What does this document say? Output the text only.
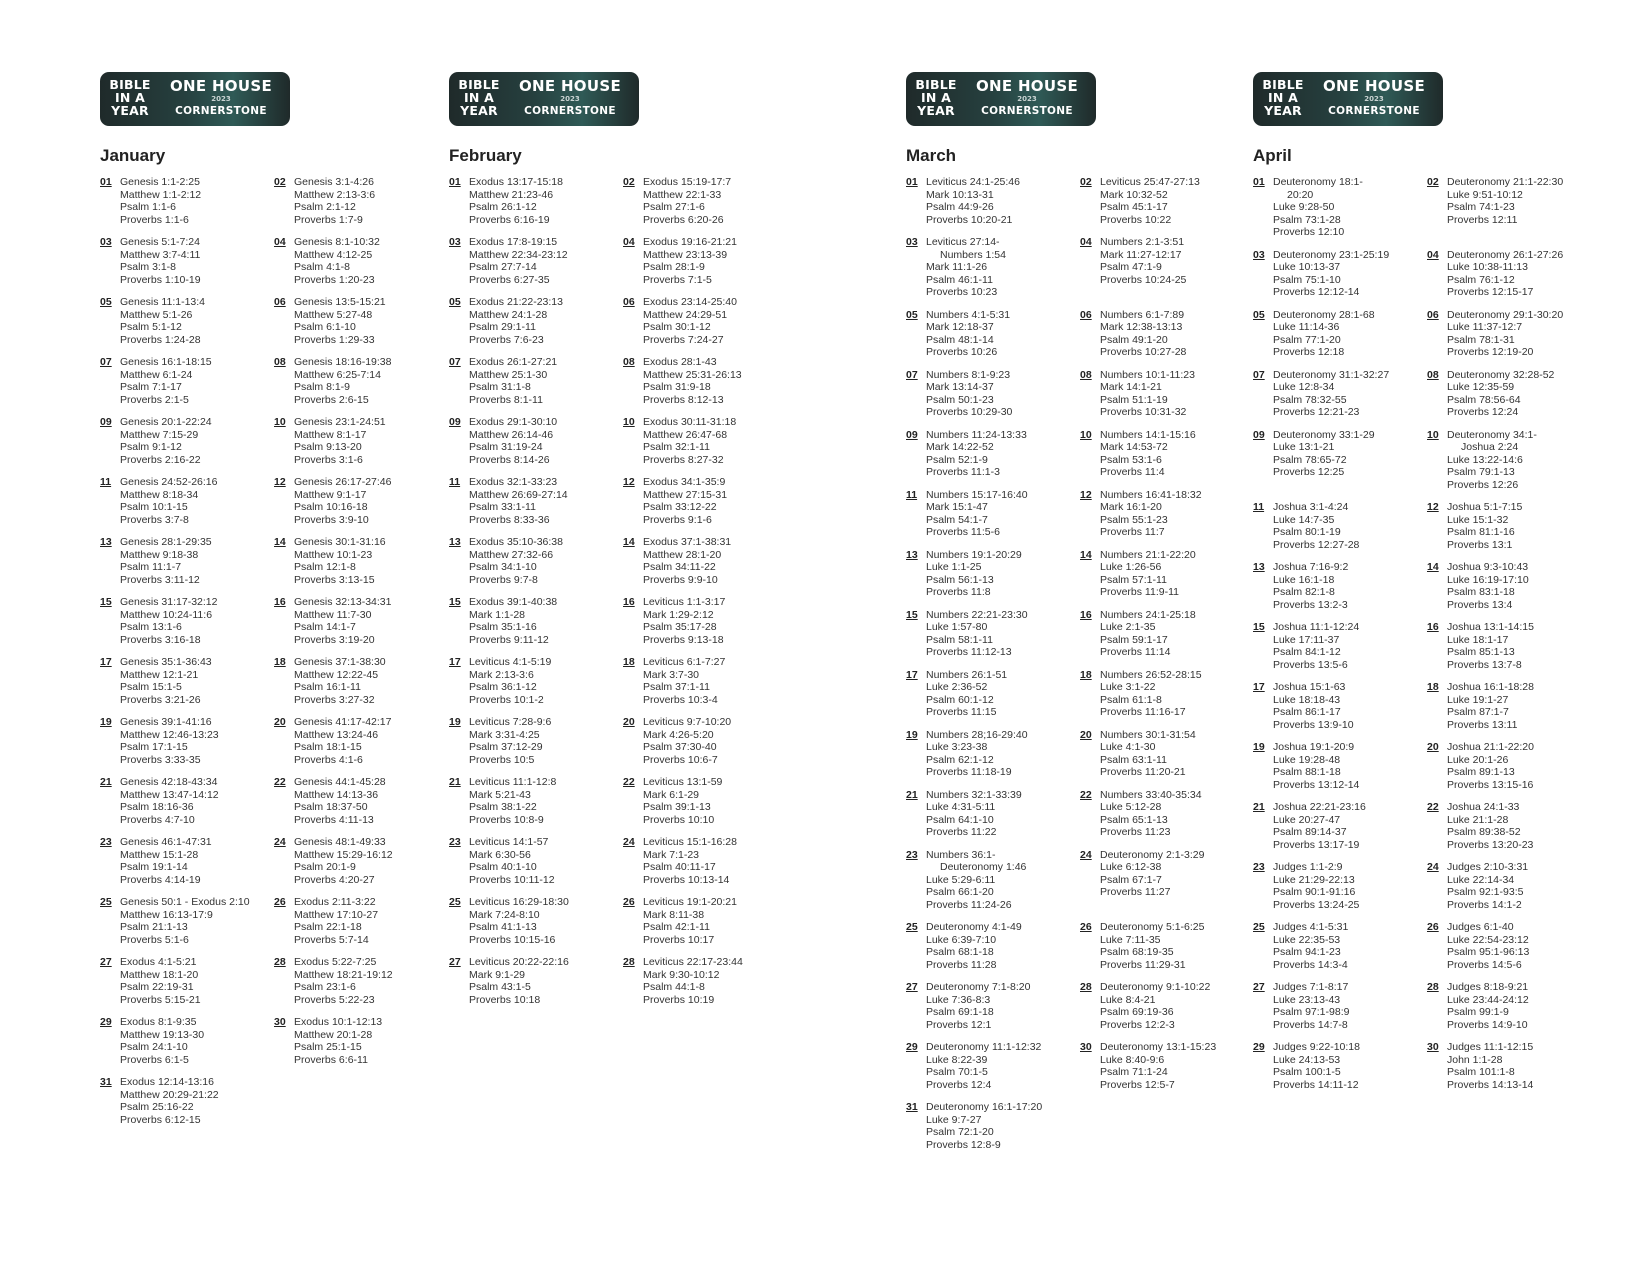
BIBLE
IN A
YEAR
ONE HOUSE
2023
CORNERSTONE
January
01 Genesis 1:1-2:25
Matthew 1:1-2:12
Psalm 1:1-6
Proverbs 1:1-6
02 Genesis 3:1-4:26
Matthew 2:13-3:6
Psalm 2:1-12
Proverbs 1:7-9
03 Genesis 5:1-7:24
Matthew 3:7-4:11
Psalm 3:1-8
Proverbs 1:10-19
04 Genesis 8:1-10:32
Matthew 4:12-25
Psalm 4:1-8
Proverbs 1:20-23
05 Genesis 11:1-13:4
Matthew 5:1-26
Psalm 5:1-12
Proverbs 1:24-28
06 Genesis 13:5-15:21
Matthew 5:27-48
Psalm 6:1-10
Proverbs 1:29-33
07 Genesis 16:1-18:15
Matthew 6:1-24
Psalm 7:1-17
Proverbs 2:1-5
08 Genesis 18:16-19:38
Matthew 6:25-7:14
Psalm 8:1-9
Proverbs 2:6-15
09 Genesis 20:1-22:24
Matthew 7:15-29
Psalm 9:1-12
Proverbs 2:16-22
10 Genesis 23:1-24:51
Matthew 8:1-17
Psalm 9:13-20
Proverbs 3:1-6
11 Genesis 24:52-26:16
Matthew 8:18-34
Psalm 10:1-15
Proverbs 3:7-8
12 Genesis 26:17-27:46
Matthew 9:1-17
Psalm 10:16-18
Proverbs 3:9-10
13 Genesis 28:1-29:35
Matthew 9:18-38
Psalm 11:1-7
Proverbs 3:11-12
14 Genesis 30:1-31:16
Matthew 10:1-23
Psalm 12:1-8
Proverbs 3:13-15
15 Genesis 31:17-32:12
Matthew 10:24-11:6
Psalm 13:1-6
Proverbs 3:16-18
16 Genesis 32:13-34:31
Matthew 11:7-30
Psalm 14:1-7
Proverbs 3:19-20
17 Genesis 35:1-36:43
Matthew 12:1-21
Psalm 15:1-5
Proverbs 3:21-26
18 Genesis 37:1-38:30
Matthew 12:22-45
Psalm 16:1-11
Proverbs 3:27-32
19 Genesis 39:1-41:16
Matthew 12:46-13:23
Psalm 17:1-15
Proverbs 3:33-35
20 Genesis 41:17-42:17
Matthew 13:24-46
Psalm 18:1-15
Proverbs 4:1-6
21 Genesis 42:18-43:34
Matthew 13:47-14:12
Psalm 18:16-36
Proverbs 4:7-10
22 Genesis 44:1-45:28
Matthew 14:13-36
Psalm 18:37-50
Proverbs 4:11-13
23 Genesis 46:1-47:31
Matthew 15:1-28
Psalm 19:1-14
Proverbs 4:14-19
24 Genesis 48:1-49:33
Matthew 15:29-16:12
Psalm 20:1-9
Proverbs 4:20-27
25 Genesis 50:1 - Exodus 2:10
Matthew 16:13-17:9
Psalm 21:1-13
Proverbs 5:1-6
26 Exodus 2:11-3:22
Matthew 17:10-27
Psalm 22:1-18
Proverbs 5:7-14
27 Exodus 4:1-5:21
Matthew 18:1-20
Psalm 22:19-31
Proverbs 5:15-21
28 Exodus 5:22-7:25
Matthew 18:21-19:12
Psalm 23:1-6
Proverbs 5:22-23
29 Exodus 8:1-9:35
Matthew 19:13-30
Psalm 24:1-10
Proverbs 6:1-5
30 Exodus 10:1-12:13
Matthew 20:1-28
Psalm 25:1-15
Proverbs 6:6-11
31 Exodus 12:14-13:16
Matthew 20:29-21:22
Psalm 25:16-22
Proverbs 6:12-15
BIBLE
IN A
YEAR
ONE HOUSE
2023
CORNERSTONE
February
01 Exodus 13:17-15:18
Matthew 21:23-46
Psalm 26:1-12
Proverbs 6:16-19
02 Exodus 15:19-17:7
Matthew 22:1-33
Psalm 27:1-6
Proverbs 6:20-26
03 Exodus 17:8-19:15
Matthew 22:34-23:12
Psalm 27:7-14
Proverbs 6:27-35
04 Exodus 19:16-21:21
Matthew 23:13-39
Psalm 28:1-9
Proverbs 7:1-5
05 Exodus 21:22-23:13
Matthew 24:1-28
Psalm 29:1-11
Proverbs 7:6-23
06 Exodus 23:14-25:40
Matthew 24:29-51
Psalm 30:1-12
Proverbs 7:24-27
07 Exodus 26:1-27:21
Matthew 25:1-30
Psalm 31:1-8
Proverbs 8:1-11
08 Exodus 28:1-43
Matthew 25:31-26:13
Psalm 31:9-18
Proverbs 8:12-13
09 Exodus 29:1-30:10
Matthew 26:14-46
Psalm 31:19-24
Proverbs 8:14-26
10 Exodus 30:11-31:18
Matthew 26:47-68
Psalm 32:1-11
Proverbs 8:27-32
11 Exodus 32:1-33:23
Matthew 26:69-27:14
Psalm 33:1-11
Proverbs 8:33-36
12 Exodus 34:1-35:9
Matthew 27:15-31
Psalm 33:12-22
Proverbs 9:1-6
13 Exodus 35:10-36:38
Matthew 27:32-66
Psalm 34:1-10
Proverbs 9:7-8
14 Exodus 37:1-38:31
Matthew 28:1-20
Psalm 34:11-22
Proverbs 9:9-10
15 Exodus 39:1-40:38
Mark 1:1-28
Psalm 35:1-16
Proverbs 9:11-12
16 Leviticus 1:1-3:17
Mark 1:29-2:12
Psalm 35:17-28
Proverbs 9:13-18
17 Leviticus 4:1-5:19
Mark 2:13-3:6
Psalm 36:1-12
Proverbs 10:1-2
18 Leviticus 6:1-7:27
Mark 3:7-30
Psalm 37:1-11
Proverbs 10:3-4
19 Leviticus 7:28-9:6
Mark 3:31-4:25
Psalm 37:12-29
Proverbs 10:5
20 Leviticus 9:7-10:20
Mark 4:26-5:20
Psalm 37:30-40
Proverbs 10:6-7
21 Leviticus 11:1-12:8
Mark 5:21-43
Psalm 38:1-22
Proverbs 10:8-9
22 Leviticus 13:1-59
Mark 6:1-29
Psalm 39:1-13
Proverbs 10:10
23 Leviticus 14:1-57
Mark 6:30-56
Psalm 40:1-10
Proverbs 10:11-12
24 Leviticus 15:1-16:28
Mark 7:1-23
Psalm 40:11-17
Proverbs 10:13-14
25 Leviticus 16:29-18:30
Mark 7:24-8:10
Psalm 41:1-13
Proverbs 10:15-16
26 Leviticus 19:1-20:21
Mark 8:11-38
Psalm 42:1-11
Proverbs 10:17
27 Leviticus 20:22-22:16
Mark 9:1-29
Psalm 43:1-5
Proverbs 10:18
28 Leviticus 22:17-23:44
Mark 9:30-10:12
Psalm 44:1-8
Proverbs 10:19
BIBLE
IN A
YEAR
ONE HOUSE
2023
CORNERSTONE
March
01 Leviticus 24:1-25:46
Mark 10:13-31
Psalm 44:9-26
Proverbs 10:20-21
02 Leviticus 25:47-27:13
Mark 10:32-52
Psalm 45:1-17
Proverbs 10:22
03 Leviticus 27:14-
Numbers 1:54
Mark 11:1-26
Psalm 46:1-11
Proverbs 10:23
04 Numbers 2:1-3:51
Mark 11:27-12:17
Psalm 47:1-9
Proverbs 10:24-25
05 Numbers 4:1-5:31
Mark 12:18-37
Psalm 48:1-14
Proverbs 10:26
06 Numbers 6:1-7:89
Mark 12:38-13:13
Psalm 49:1-20
Proverbs 10:27-28
07 Numbers 8:1-9:23
Mark 13:14-37
Psalm 50:1-23
Proverbs 10:29-30
08 Numbers 10:1-11:23
Mark 14:1-21
Psalm 51:1-19
Proverbs 10:31-32
09 Numbers 11:24-13:33
Mark 14:22-52
Psalm 52:1-9
Proverbs 11:1-3
10 Numbers 14:1-15:16
Mark 14:53-72
Psalm 53:1-6
Proverbs 11:4
11 Numbers 15:17-16:40
Mark 15:1-47
Psalm 54:1-7
Proverbs 11:5-6
12 Numbers 16:41-18:32
Mark 16:1-20
Psalm 55:1-23
Proverbs 11:7
13 Numbers 19:1-20:29
Luke 1:1-25
Psalm 56:1-13
Proverbs 11:8
14 Numbers 21:1-22:20
Luke 1:26-56
Psalm 57:1-11
Proverbs 11:9-11
15 Numbers 22:21-23:30
Luke 1:57-80
Psalm 58:1-11
Proverbs 11:12-13
16 Numbers 24:1-25:18
Luke 2:1-35
Psalm 59:1-17
Proverbs 11:14
17 Numbers 26:1-51
Luke 2:36-52
Psalm 60:1-12
Proverbs 11:15
18 Numbers 26:52-28:15
Luke 3:1-22
Psalm 61:1-8
Proverbs 11:16-17
19 Numbers 28;16-29:40
Luke 3:23-38
Psalm 62:1-12
Proverbs 11:18-19
20 Numbers 30:1-31:54
Luke 4:1-30
Psalm 63:1-11
Proverbs 11:20-21
21 Numbers 32:1-33:39
Luke 4:31-5:11
Psalm 64:1-10
Proverbs 11:22
22 Numbers 33:40-35:34
Luke 5:12-28
Psalm 65:1-13
Proverbs 11:23
23 Numbers 36:1-
Deuteronomy 1:46
Luke 5:29-6:11
Psalm 66:1-20
Proverbs 11:24-26
24 Deuteronomy 2:1-3:29
Luke 6:12-38
Psalm 67:1-7
Proverbs 11:27
25 Deuteronomy 4:1-49
Luke 6:39-7:10
Psalm 68:1-18
Proverbs 11:28
26 Deuteronomy 5:1-6:25
Luke 7:11-35
Psalm 68:19-35
Proverbs 11:29-31
27 Deuteronomy 7:1-8:20
Luke 7:36-8:3
Psalm 69:1-18
Proverbs 12:1
28 Deuteronomy 9:1-10:22
Luke 8:4-21
Psalm 69:19-36
Proverbs 12:2-3
29 Deuteronomy 11:1-12:32
Luke 8:22-39
Psalm 70:1-5
Proverbs 12:4
30 Deuteronomy 13:1-15:23
Luke 8:40-9:6
Psalm 71:1-24
Proverbs 12:5-7
31 Deuteronomy 16:1-17:20
Luke 9:7-27
Psalm 72:1-20
Proverbs 12:8-9
BIBLE
IN A
YEAR
ONE HOUSE
2023
CORNERSTONE
April
01 Deuteronomy 18:1-
20:20
Luke 9:28-50
Psalm 73:1-28
Proverbs 12:10
02 Deuteronomy 21:1-22:30
Luke 9:51-10:12
Psalm 74:1-23
Proverbs 12:11
03 Deuteronomy 23:1-25:19
Luke 10:13-37
Psalm 75:1-10
Proverbs 12:12-14
04 Deuteronomy 26:1-27:26
Luke 10:38-11:13
Psalm 76:1-12
Proverbs 12:15-17
05 Deuteronomy 28:1-68
Luke 11:14-36
Psalm 77:1-20
Proverbs 12:18
06 Deuteronomy 29:1-30:20
Luke 11:37-12:7
Psalm 78:1-31
Proverbs 12:19-20
07 Deuteronomy 31:1-32:27
Luke 12:8-34
Psalm 78:32-55
Proverbs 12:21-23
08 Deuteronomy 32:28-52
Luke 12:35-59
Psalm 78:56-64
Proverbs 12:24
09 Deuteronomy 33:1-29
Luke 13:1-21
Psalm 78:65-72
Proverbs 12:25
10 Deuteronomy 34:1-
Joshua 2:24
Luke 13:22-14:6
Psalm 79:1-13
Proverbs 12:26
11 Joshua 3:1-4:24
Luke 14:7-35
Psalm 80:1-19
Proverbs 12:27-28
12 Joshua 5:1-7:15
Luke 15:1-32
Psalm 81:1-16
Proverbs 13:1
13 Joshua 7:16-9:2
Luke 16:1-18
Psalm 82:1-8
Proverbs 13:2-3
14 Joshua 9:3-10:43
Luke 16:19-17:10
Psalm 83:1-18
Proverbs 13:4
15 Joshua 11:1-12:24
Luke 17:11-37
Psalm 84:1-12
Proverbs 13:5-6
16 Joshua 13:1-14:15
Luke 18:1-17
Psalm 85:1-13
Proverbs 13:7-8
17 Joshua 15:1-63
Luke 18:18-43
Psalm 86:1-17
Proverbs 13:9-10
18 Joshua 16:1-18:28
Luke 19:1-27
Psalm 87:1-7
Proverbs 13:11
19 Joshua 19:1-20:9
Luke 19:28-48
Psalm 88:1-18
Proverbs 13:12-14
20 Joshua 21:1-22:20
Luke 20:1-26
Psalm 89:1-13
Proverbs 13:15-16
21 Joshua 22:21-23:16
Luke 20:27-47
Psalm 89:14-37
Proverbs 13:17-19
22 Joshua 24:1-33
Luke 21:1-28
Psalm 89:38-52
Proverbs 13:20-23
23 Judges 1:1-2:9
Luke 21:29-22:13
Psalm 90:1-91:16
Proverbs 13:24-25
24 Judges 2:10-3:31
Luke 22:14-34
Psalm 92:1-93:5
Proverbs 14:1-2
25 Judges 4:1-5:31
Luke 22:35-53
Psalm 94:1-23
Proverbs 14:3-4
26 Judges 6:1-40
Luke 22:54-23:12
Psalm 95:1-96:13
Proverbs 14:5-6
27 Judges 7:1-8:17
Luke 23:13-43
Psalm 97:1-98:9
Proverbs 14:7-8
28 Judges 8:18-9:21
Luke 23:44-24:12
Psalm 99:1-9
Proverbs 14:9-10
29 Judges 9:22-10:18
Luke 24:13-53
Psalm 100:1-5
Proverbs 14:11-12
30 Judges 11:1-12:15
John 1:1-28
Psalm 101:1-8
Proverbs 14:13-14
